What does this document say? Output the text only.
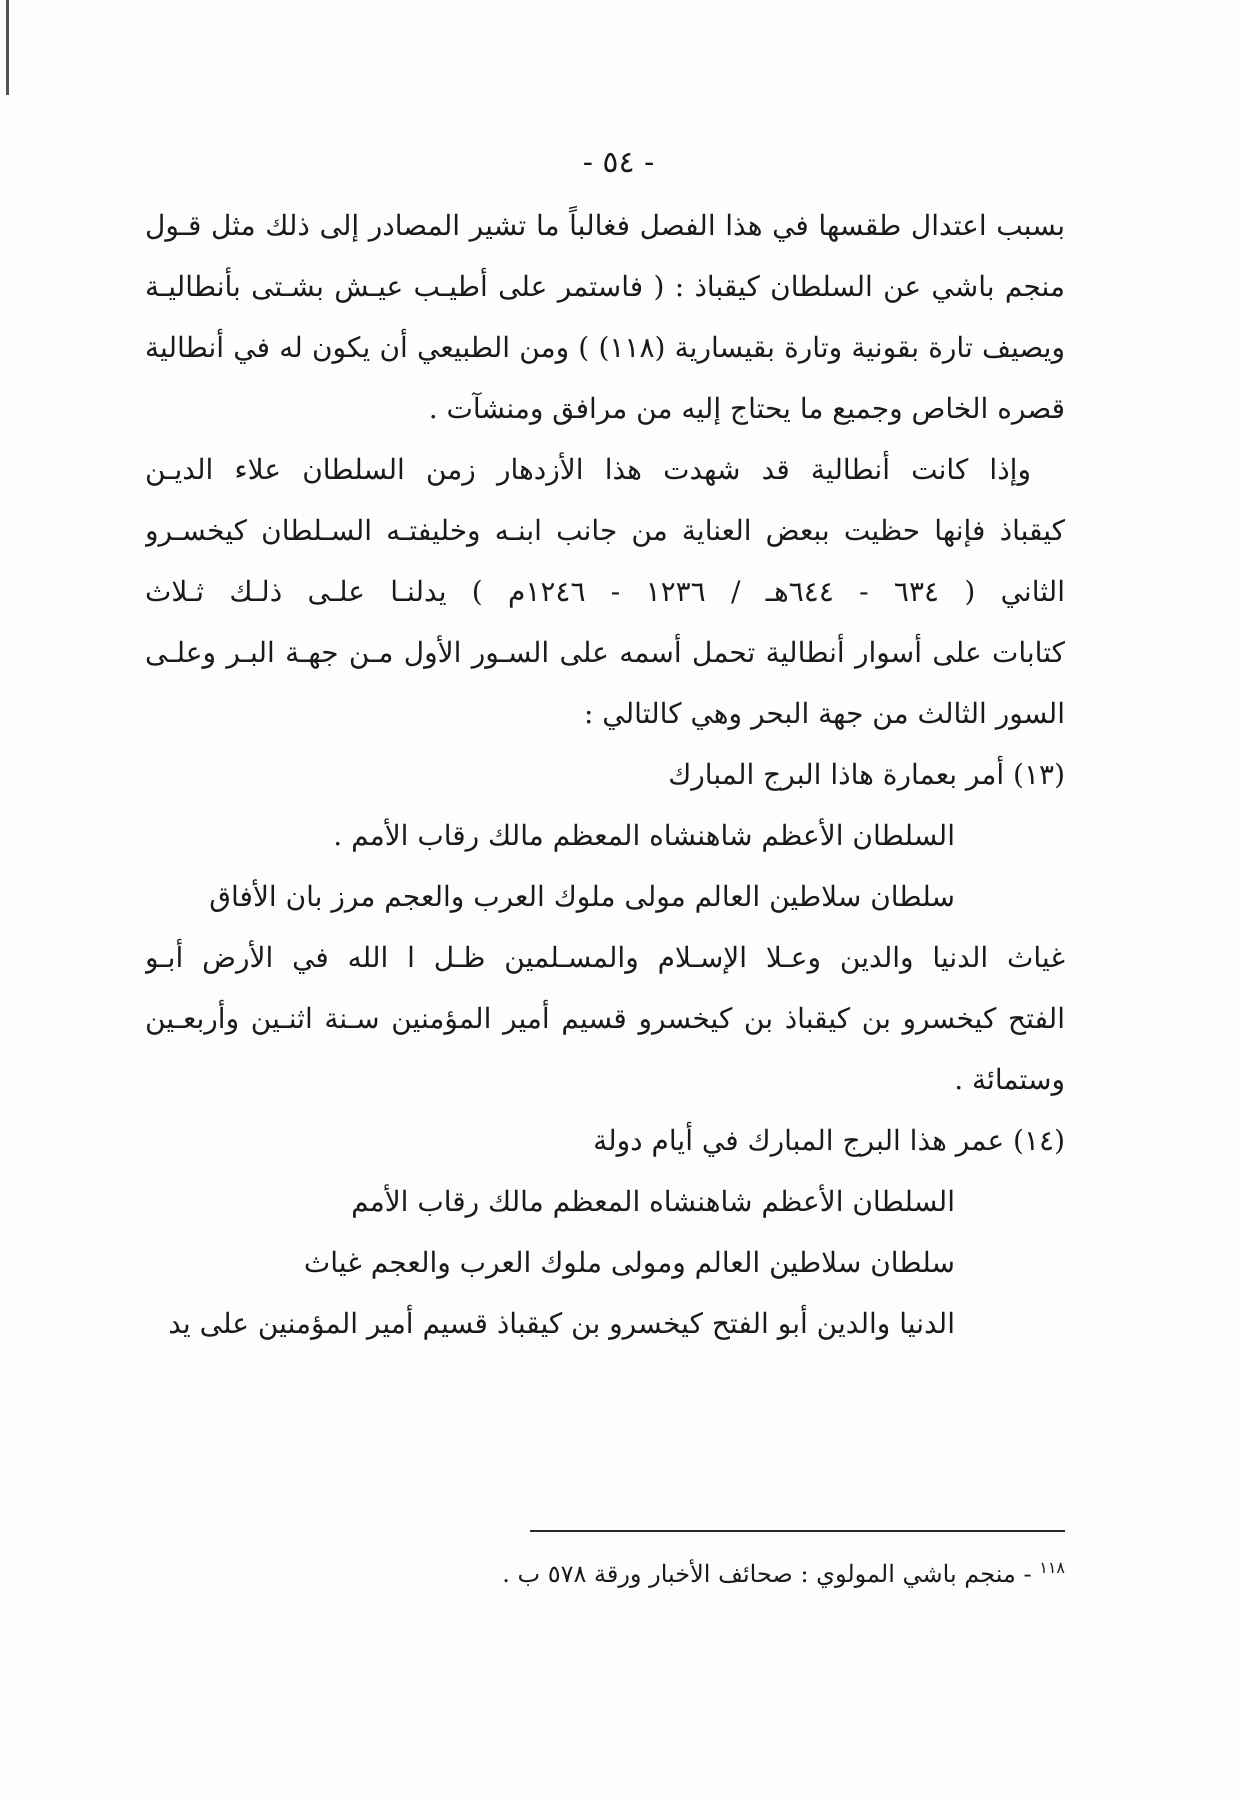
- ٥٤ -
بسبب اعتدال طقسها في هذا الفصل فغالباً ما تشير المصادر إلى ذلك مثل قـول
منجم باشي عن السلطان كيقباذ : ( فاستمر على أطيـب عيـش بشـتى بأنطاليـة
ويصيف تارة بقونية وتارة بقيسارية (١١٨) ) ومن الطبيعي أن يكون له في أنطالية
قصره الخاص وجميع ما يحتاج إليه من مرافق ومنشآت .
وإذا كانت أنطالية قد شهدت هذا الأزدهار زمن السلطان علاء الديـن
كيقباذ فإنها حظيت ببعض العناية من جانب ابنـه وخليفتـه السـلطان كيخسـرو
الثاني ( ٦٣٤ - ٦٤٤هـ / ١٢٣٦ - ١٢٤٦م ) يدلنـا علـى ذلـك ثـلاث
كتابات على أسوار أنطالية تحمل أسمه على السـور الأول مـن جهـة البـر وعلـى
السور الثالث من جهة البحر وهي كالتالي :
(١٣) أمر بعمارة هاذا البرج المبارك
السلطان الأعظم شاهنشاه المعظم مالك رقاب الأمم .
سلطان سلاطين العالم مولى ملوك العرب والعجم مرز بان الأفاق
غياث الدنيا والدين وعـلا الإسـلام والمسـلمين ظـل ا الله في الأرض أبـو
الفتح كيخسرو بن كيقباذ بن كيخسرو قسيم أمير المؤمنين سـنة اثنـين وأربعـين
وستمائة .
(١٤) عمر هذا البرج المبارك في أيام دولة
السلطان الأعظم شاهنشاه المعظم مالك رقاب الأمم
سلطان سلاطين العالم ومولى ملوك العرب والعجم غياث
الدنيا والدين أبو الفتح كيخسرو بن كيقباذ قسيم أمير المؤمنين على يد
$^{١١٨}$ - منجم باشي المولوي : صحائف الأخبار ورقة ٥٧٨ ب .
